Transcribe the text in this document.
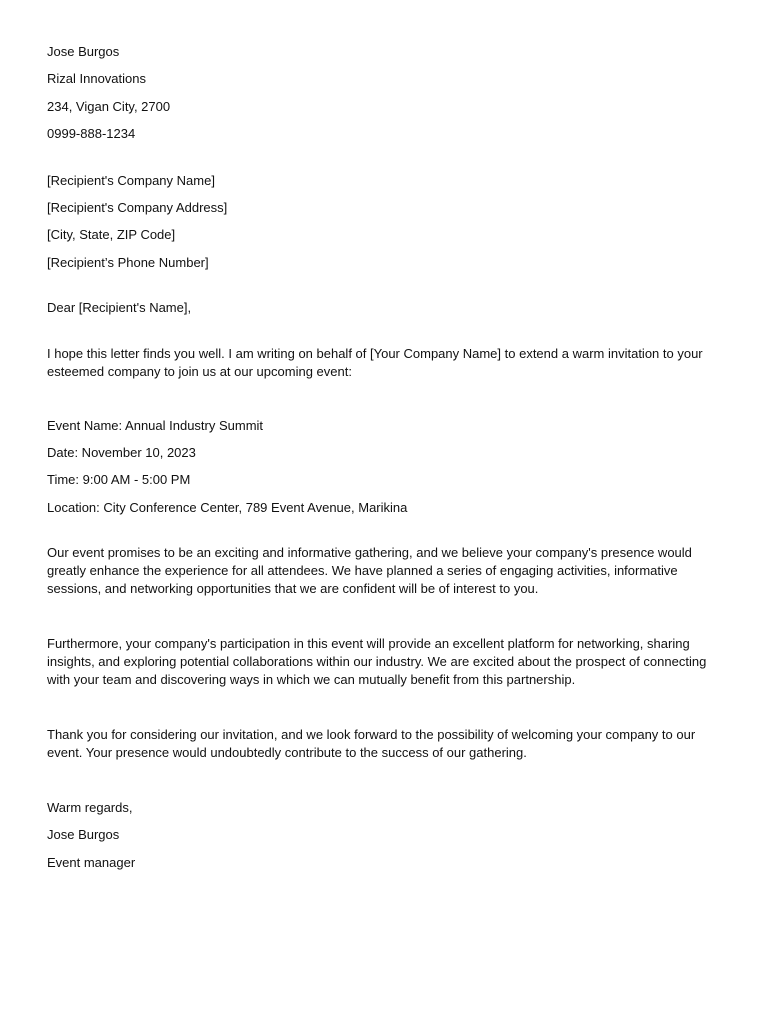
Jose Burgos

Rizal Innovations

234, Vigan City, 2700

0999-888-1234

[Recipient's Company Name]

[Recipient's Company Address]

[City, State, ZIP Code]

[Recipient’s Phone Number]

Dear [Recipient's Name],

I hope this letter finds you well. I am writing on behalf of [Your Company Name] to extend a warm invitation to your esteemed company to join us at our upcoming event:

Event Name: Annual Industry Summit

Date: November 10, 2023

Time: 9:00 AM - 5:00 PM

Location: City Conference Center, 789 Event Avenue, Marikina

Our event promises to be an exciting and informative gathering, and we believe your company's presence would greatly enhance the experience for all attendees. We have planned a series of engaging activities, informative sessions, and networking opportunities that we are confident will be of interest to you.

Furthermore, your company's participation in this event will provide an excellent platform for networking, sharing insights, and exploring potential collaborations within our industry. We are excited about the prospect of connecting with your team and discovering ways in which we can mutually benefit from this partnership.

Thank you for considering our invitation, and we look forward to the possibility of welcoming your company to our event. Your presence would undoubtedly contribute to the success of our gathering.

Warm regards,

Jose Burgos

Event manager
